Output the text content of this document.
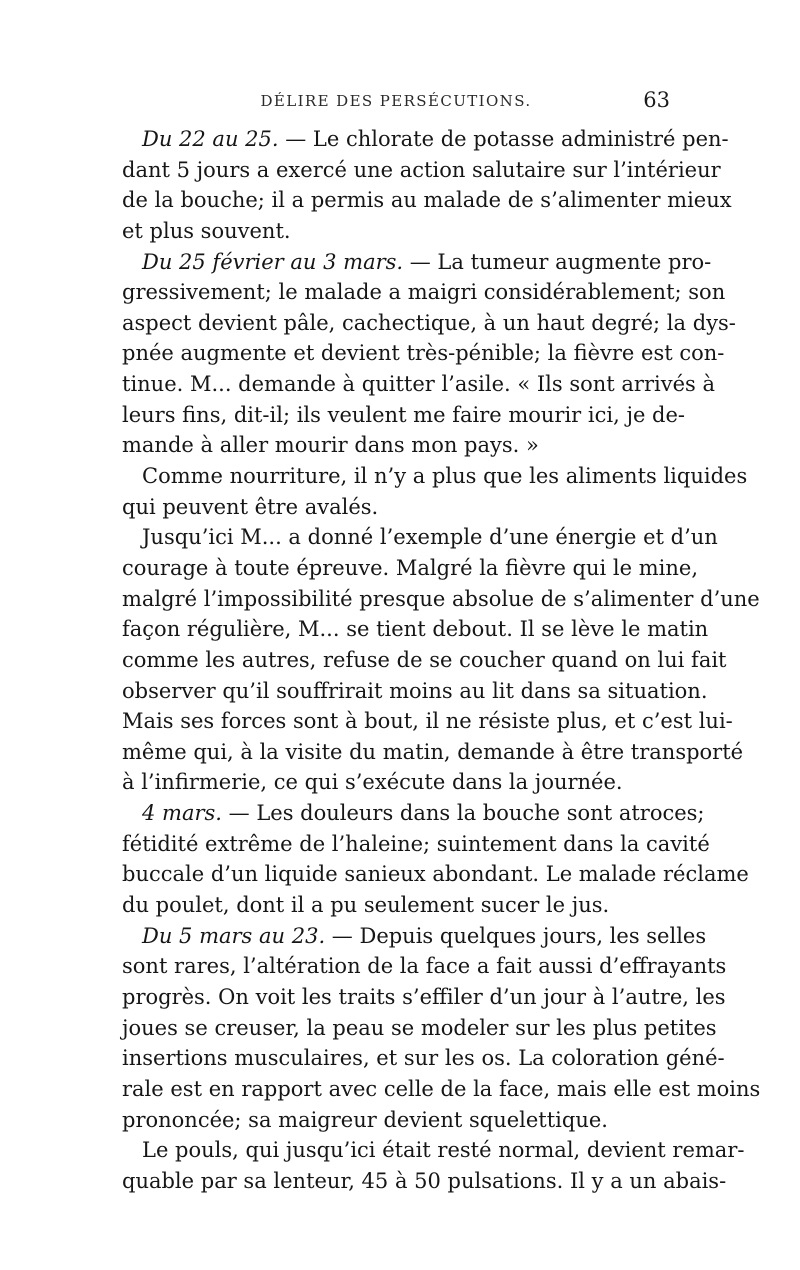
DÉLIRE DES PERSÉCUTIONS.	63
Du 22 au 25. — Le chlorate de potasse administré pen-
dant 5 jours a exercé une action salutaire sur l’intérieur
de la bouche; il a permis au malade de s’alimenter mieux
et plus souvent.
Du 25 février au 3 mars. — La tumeur augmente pro-
gressivement; le malade a maigri considérablement; son
aspect devient pâle, cachectique, à un haut degré; la dys-
pnée augmente et devient très-pénible; la fièvre est con-
tinue. M... demande à quitter l’asile. « Ils sont arrivés à
leurs fins, dit-il; ils veulent me faire mourir ici, je de-
mande à aller mourir dans mon pays. »
Comme nourriture, il n’y a plus que les aliments liquides
qui peuvent être avalés.
Jusqu’ici M... a donné l’exemple d’une énergie et d’un
courage à toute épreuve. Malgré la fièvre qui le mine,
malgré l’impossibilité presque absolue de s’alimenter d’une
façon régulière, M... se tient debout. Il se lève le matin
comme les autres, refuse de se coucher quand on lui fait
observer qu’il souffrirait moins au lit dans sa situation.
Mais ses forces sont à bout, il ne résiste plus, et c’est lui-
même qui, à la visite du matin, demande à être transporté
à l’infirmerie, ce qui s’exécute dans la journée.
4 mars. — Les douleurs dans la bouche sont atroces;
fétidité extrême de l’haleine; suintement dans la cavité
buccale d’un liquide sanieux abondant. Le malade réclame
du poulet, dont il a pu seulement sucer le jus.
Du 5 mars au 23. — Depuis quelques jours, les selles
sont rares, l’altération de la face a fait aussi d’effrayants
progrès. On voit les traits s’effiler d’un jour à l’autre, les
joues se creuser, la peau se modeler sur les plus petites
insertions musculaires, et sur les os. La coloration géné-
rale est en rapport avec celle de la face, mais elle est moins
prononcée; sa maigreur devient squelettique.
Le pouls, qui jusqu’ici était resté normal, devient remar-
quable par sa lenteur, 45 à 50 pulsations. Il y a un abais-
